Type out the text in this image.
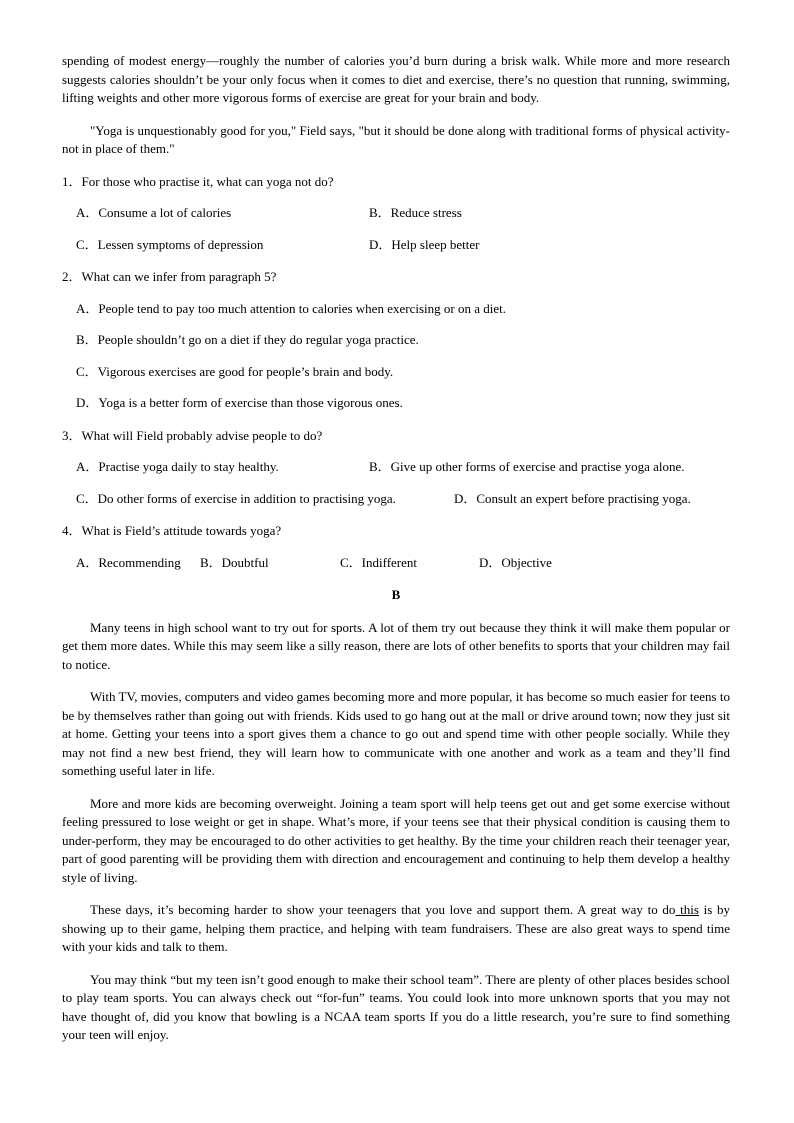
spending of modest energy—roughly the number of calories you’d burn during a brisk walk. While more and more research suggests calories shouldn’t be your only focus when it comes to diet and exercise, there’s no question that running, swimming, lifting weights and other more vigorous forms of exercise are great for your brain and body.

"Yoga is unquestionably good for you," Field says, "but it should be done along with traditional forms of physical activity-not in place of them."

1．For those who practise it, what can yoga not do?
A．Consume a lot of calories	B．Reduce stress
C．Lessen symptoms of depression	D．Help sleep better
2．What can we infer from paragraph 5?
A．People tend to pay too much attention to calories when exercising or on a diet.
B．People shouldn’t go on a diet if they do regular yoga practice.
C．Vigorous exercises are good for people’s brain and body.
D．Yoga is a better form of exercise than those vigorous ones.
3．What will Field probably advise people to do?
A．Practise yoga daily to stay healthy.	B．Give up other forms of exercise and practise yoga alone.
C．Do other forms of exercise in addition to practising yoga.	D．Consult an expert before practising yoga.
4．What is Field’s attitude towards yoga?
A．Recommending	B．Doubtful	C．Indifferent	D．Objective
B

Many teens in high school want to try out for sports. A lot of them try out because they think it will make them popular or get them more dates. While this may seem like a silly reason, there are lots of other benefits to sports that your children may fail to notice.

With TV, movies, computers and video games becoming more and more popular, it has become so much easier for teens to be by themselves rather than going out with friends. Kids used to go hang out at the mall or drive around town; now they just sit at home. Getting your teens into a sport gives them a chance to go out and spend time with other people socially. While they may not find a new best friend, they will learn how to communicate with one another and work as a team and they’ll find something useful later in life.

More and more kids are becoming overweight. Joining a team sport will help teens get out and get some exercise without feeling pressured to lose weight or get in shape. What’s more, if your teens see that their physical condition is causing them to under-perform, they may be encouraged to do other activities to get healthy. By the time your children reach their teenager year, part of good parenting will be providing them with direction and encouragement and continuing to help them develop a healthy style of living.

These days, it’s becoming harder to show your teenagers that you love and support them. A great way to do this is by showing up to their game, helping them practice, and helping with team fundraisers. These are also great ways to spend time with your kids and talk to them.

You may think “but my teen isn’t good enough to make their school team”. There are plenty of other places besides school to play team sports. You can always check out “for-fun” teams. You could look into more unknown sports that you may not have thought of, did you know that bowling is a NCAA team sports If you do a little research, you’re sure to find something your teen will enjoy.
